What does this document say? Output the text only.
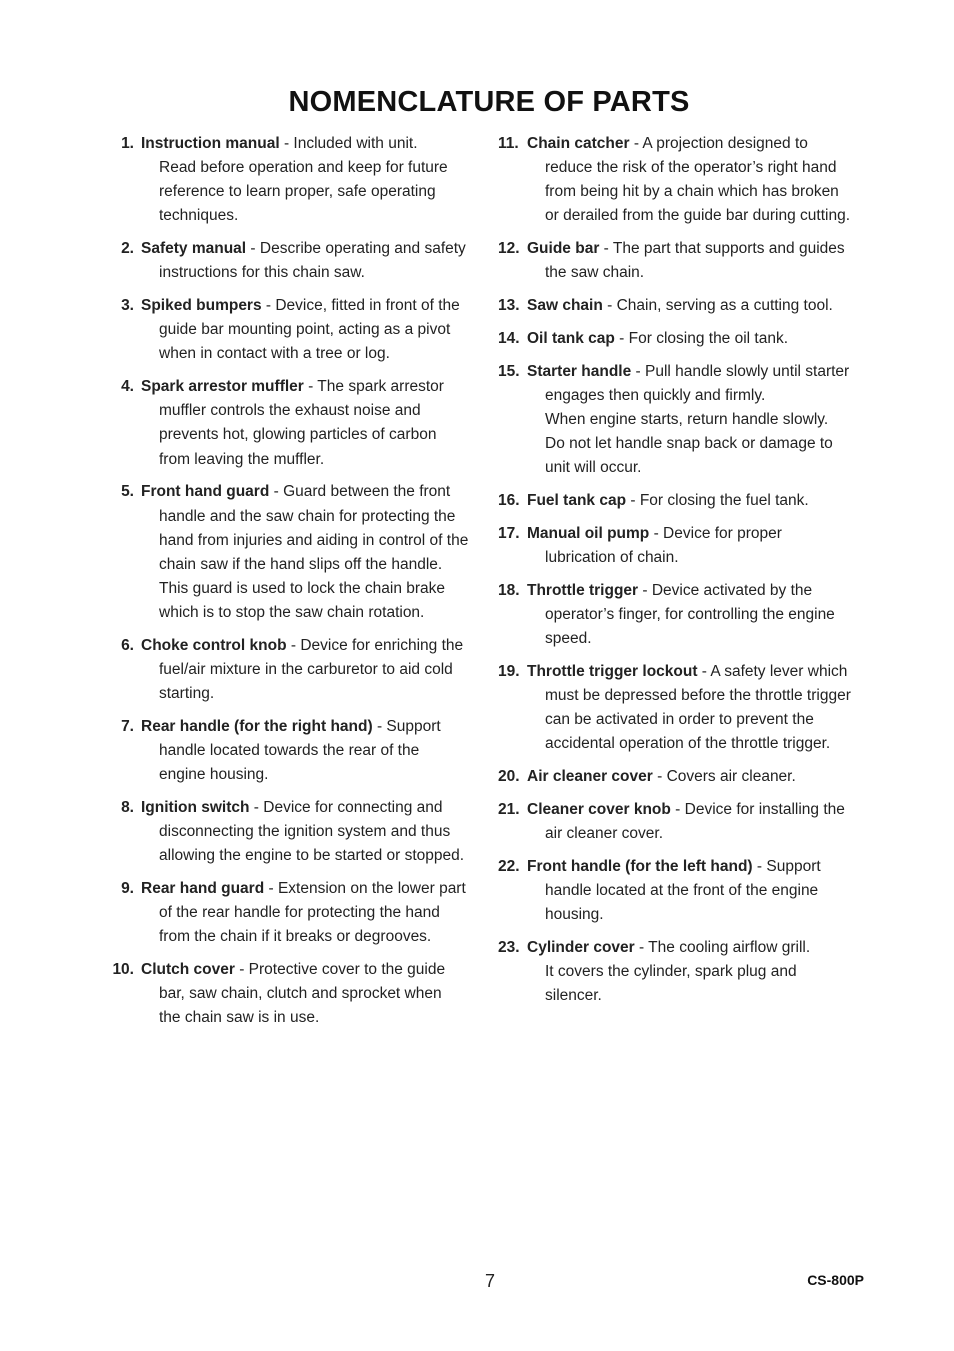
NOMENCLATURE OF PARTS
1. Instruction manual - Included with unit.
Read before operation and keep for future
reference to learn proper, safe operating
techniques.
2. Safety manual - Describe operating and safety
instructions for this chain saw.
3. Spiked bumpers - Device, fitted in front of the
guide bar mounting point, acting as a pivot
when in contact with a tree or log.
4. Spark arrestor muffler - The spark arrestor
muffler controls the exhaust noise and
prevents hot, glowing particles of carbon
from leaving the muffler.
5. Front hand guard - Guard between the front
handle and the saw chain for protecting the
hand from injuries and aiding in control of the
chain saw if the hand slips off the handle.
This guard is used to lock the chain brake
which is to stop the saw chain rotation.
6. Choke control knob - Device for enriching the
fuel/air mixture in the carburetor to aid cold
starting.
7. Rear handle (for the right hand) - Support
handle located towards the rear of the
engine housing.
8. Ignition switch - Device for connecting and
disconnecting the ignition system and thus
allowing the engine to be started or stopped.
9. Rear hand guard - Extension on the lower part
of the rear handle for protecting the hand
from the chain if it breaks or degrooves.
10. Clutch cover - Protective cover to the guide
bar, saw chain, clutch and sprocket when
the chain saw is in use.
11. Chain catcher - A projection designed to
reduce the risk of the operator’s right hand
from being hit by a chain which has broken
or derailed from the guide bar during cutting.
12. Guide bar - The part that supports and guides
the saw chain.
13. Saw chain - Chain, serving as a cutting tool.
14. Oil tank cap - For closing the oil tank.
15. Starter handle - Pull handle slowly until starter
engages then quickly and firmly.
When engine starts, return handle slowly.
Do not let handle snap back or damage to
unit will occur.
16. Fuel tank cap - For closing the fuel tank.
17. Manual oil pump - Device for proper
lubrication of chain.
18. Throttle trigger - Device activated by the
operator’s finger, for controlling the engine
speed.
19. Throttle trigger lockout - A safety lever which
must be depressed before the throttle trigger
can be activated in order to prevent the
accidental operation of the throttle trigger.
20. Air cleaner cover - Covers air cleaner.
21. Cleaner cover knob - Device for installing the
air cleaner cover.
22. Front handle (for the left hand) - Support
handle located at the front of the engine
housing.
23. Cylinder cover - The cooling airflow grill.
It covers the cylinder, spark plug and
silencer.
7	CS-800P
